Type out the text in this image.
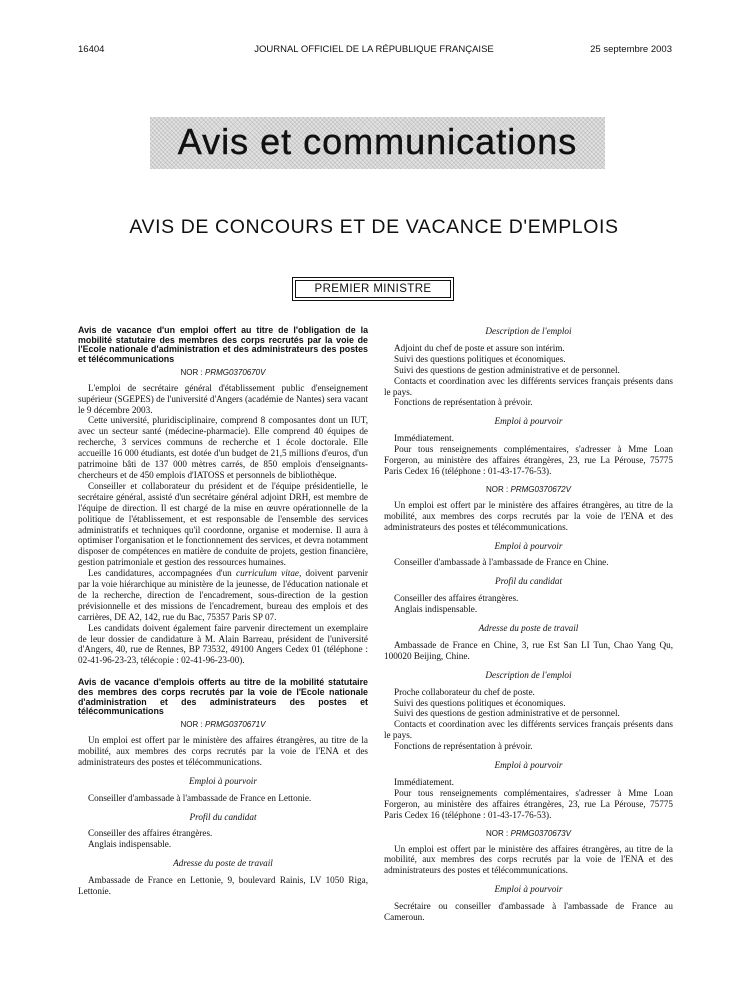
16404	JOURNAL OFFICIEL DE LA RÉPUBLIQUE FRANÇAISE	25 septembre 2003
Avis et communications
AVIS DE CONCOURS ET DE VACANCE D'EMPLOIS
PREMIER MINISTRE

Avis de vacance d'un emploi offert au titre de l'obligation de la mobilité statutaire des membres des corps recrutés par la voie de l'Ecole nationale d'administration et des administrateurs des postes et télécommunications

NOR : PRMG0370670V

L'emploi de secrétaire général d'établissement public d'enseignement supérieur (SGEPES) de l'université d'Angers (académie de Nantes) sera vacant le 9 décembre 2003.

Cette université, pluridisciplinaire, comprend 8 composantes dont un IUT, avec un secteur santé (médecine-pharmacie). Elle comprend 40 équipes de recherche, 3 services communs de recherche et 1 école doctorale. Elle accueille 16 000 étudiants, est dotée d'un budget de 21,5 millions d'euros, d'un patrimoine bâti de 137 000 mètres carrés, de 850 emplois d'enseignants-chercheurs et de 450 emplois d'IATOSS et personnels de bibliothèque.

Conseiller et collaborateur du président et de l'équipe présidentielle, le secrétaire général, assisté d'un secrétaire général adjoint DRH, est membre de l'équipe de direction. Il est chargé de la mise en œuvre opérationnelle de la politique de l'établissement, et est responsable de l'ensemble des services administratifs et techniques qu'il coordonne, organise et modernise. Il aura à optimiser l'organisation et le fonctionnement des services, et devra notamment disposer de compétences en matière de conduite de projets, gestion financière, gestion patrimoniale et gestion des ressources humaines.

Les candidatures, accompagnées d'un curriculum vitae, doivent parvenir par la voie hiérarchique au ministère de la jeunesse, de l'éducation nationale et de la recherche, direction de l'encadrement, sous-direction de la gestion prévisionnelle et des missions de l'encadrement, bureau des emplois et des carrières, DE A2, 142, rue du Bac, 75357 Paris SP 07.

Les candidats doivent également faire parvenir directement un exemplaire de leur dossier de candidature à M. Alain Barreau, président de l'université d'Angers, 40, rue de Rennes, BP 73532, 49100 Angers Cedex 01 (téléphone : 02-41-96-23-23, télécopie : 02-41-96-23-00).

Avis de vacance d'emplois offerts au titre de la mobilité statutaire des membres des corps recrutés par la voie de l'Ecole nationale d'administration et des administrateurs des postes et télécommunications

NOR : PRMG0370671V

Un emploi est offert par le ministère des affaires étrangères, au titre de la mobilité, aux membres des corps recrutés par la voie de l'ENA et des administrateurs des postes et télécommunications.

Emploi à pourvoir

Conseiller d'ambassade à l'ambassade de France en Lettonie.

Profil du candidat

Conseiller des affaires étrangères.

Anglais indispensable.

Adresse du poste de travail

Ambassade de France en Lettonie, 9, boulevard Rainis, LV 1050 Riga, Lettonie.

Description de l'emploi

Adjoint du chef de poste et assure son intérim.

Suivi des questions politiques et économiques.

Suivi des questions de gestion administrative et de personnel.

Contacts et coordination avec les différents services français présents dans le pays.

Fonctions de représentation à prévoir.

Emploi à pourvoir

Immédiatement.

Pour tous renseignements complémentaires, s'adresser à Mme Loan Forgeron, au ministère des affaires étrangères, 23, rue La Pérouse, 75775 Paris Cedex 16 (téléphone : 01-43-17-76-53).

NOR : PRMG0370672V

Un emploi est offert par le ministère des affaires étrangères, au titre de la mobilité, aux membres des corps recrutés par la voie de l'ENA et des administrateurs des postes et télécommunications.

Emploi à pourvoir

Conseiller d'ambassade à l'ambassade de France en Chine.

Profil du candidat

Conseiller des affaires étrangères.

Anglais indispensable.

Adresse du poste de travail

Ambassade de France en Chine, 3, rue Est San LI Tun, Chao Yang Qu, 100020 Beijing, Chine.

Description de l'emploi

Proche collaborateur du chef de poste.

Suivi des questions politiques et économiques.

Suivi des questions de gestion administrative et de personnel.

Contacts et coordination avec les différents services français présents dans le pays.

Fonctions de représentation à prévoir.

Emploi à pourvoir

Immédiatement.

Pour tous renseignements complémentaires, s'adresser à Mme Loan Forgeron, au ministère des affaires étrangères, 23, rue La Pérouse, 75775 Paris Cedex 16 (téléphone : 01-43-17-76-53).

NOR : PRMG0370673V

Un emploi est offert par le ministère des affaires étrangères, au titre de la mobilité, aux membres des corps recrutés par la voie de l'ENA et des administrateurs des postes et télécommunications.

Emploi à pourvoir

Secrétaire ou conseiller d'ambassade à l'ambassade de France au Cameroun.
